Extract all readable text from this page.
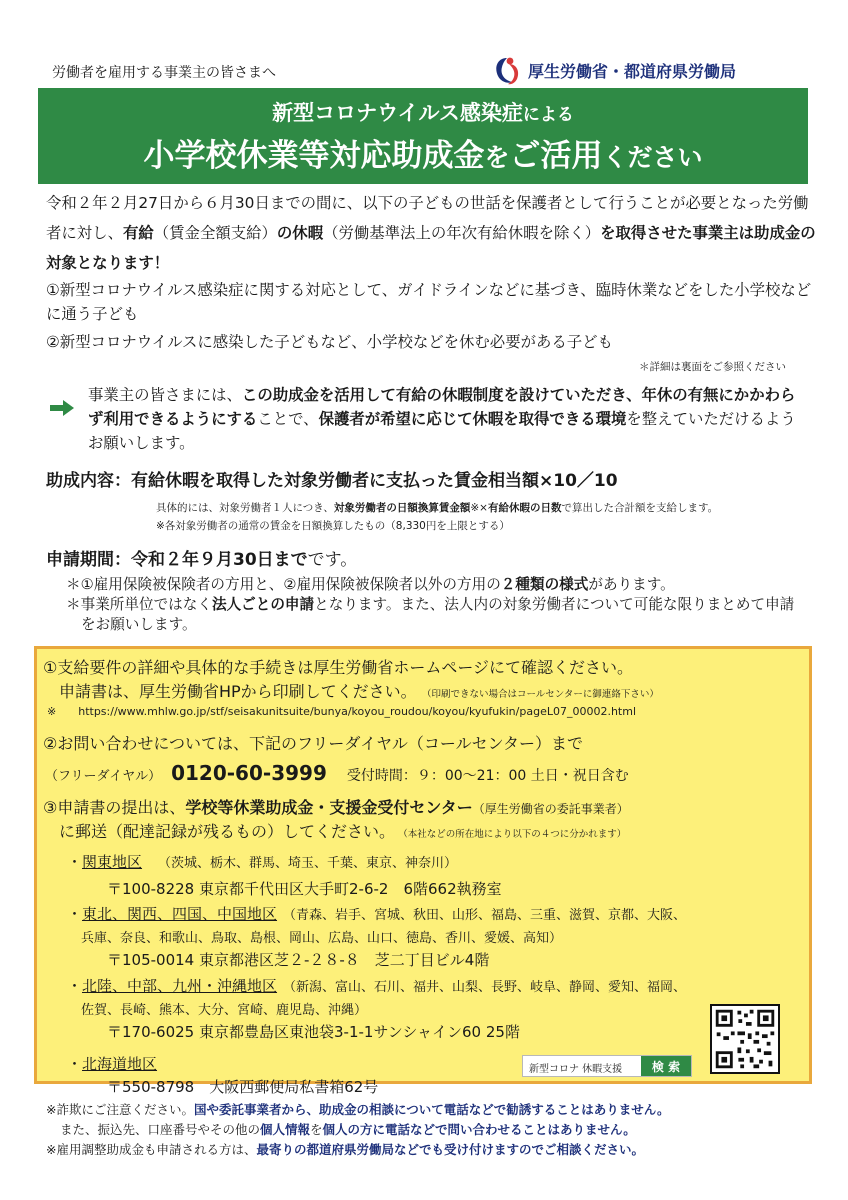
労働者を雇用する事業主の皆さまへ	厚生労働省・都道府県労働局
新型コロナウイルス感染症による
小学校休業等対応助成金をご活用ください
令和２年２月27日から６月30日までの間に、以下の子どもの世話を保護者として行うことが必要となった労働者に対し、有給（賃金全額支給）の休暇（労働基準法上の年次有給休暇を除く）を取得させた事業主は助成金の対象となります！
①新型コロナウイルス感染症に関する対応として、ガイドラインなどに基づき、臨時休業などをした小学校などに通う子ども
②新型コロナウイルスに感染した子どもなど、小学校などを休む必要がある子ども
＊詳細は裏面をご参照ください
事業主の皆さまには、この助成金を活用して有給の休暇制度を設けていただき、年休の有無にかかわらず利用できるようにすることで、保護者が希望に応じて休暇を取得できる環境を整えていただけるようお願いします。
助成内容：有給休暇を取得した対象労働者に支払った賃金相当額×10／10
具体的には、対象労働者１人につき、対象労働者の日額換算賃金額※×有給休暇の日数で算出した合計額を支給します。
※各対象労働者の通常の賃金を日額換算したもの（8,330円を上限とする）
申請期間：令和２年９月30日までです。
＊①雇用保険被保険者の方用と、②雇用保険被保険者以外の方用の２種類の様式があります。
＊事業所単位ではなく法人ごとの申請となります。また、法人内の対象労働者について可能な限りまとめて申請をお願いします。
①支給要件の詳細や具体的な手続きは厚生労働省ホームページにて確認ください。
申請書は、厚生労働省HPから印刷してください。 （印刷できない場合はコールセンターに御連絡下さい）
※ https://www.mhlw.go.jp/stf/seisakunitsuite/bunya/koyou_roudou/koyou/kyufukin/pageL07_00002.html
②お問い合わせについては、下記のフリーダイヤル（コールセンター）まで
（フリーダイヤル） 0120-60-3999 受付時間：９：00～21：00 土日・祝日含む
③申請書の提出は、学校等休業助成金・支援金受付センター（厚生労働省の委託事業者）
に郵送（配達記録が残るもの）してください。 （本社などの所在地により以下の４つに分かれます）
・関東地区 （茨城、栃木、群馬、埼玉、千葉、東京、神奈川）
〒100-8228 東京都千代田区大手町2-6-2　6階662執務室
・東北、関西、四国、中国地区 （青森、岩手、宮城、秋田、山形、福島、三重、滋賀、京都、大阪、
兵庫、奈良、和歌山、鳥取、島根、岡山、広島、山口、徳島、香川、愛媛、高知）
〒105-0014 東京都港区芝２-２８-８　芝二丁目ビル4階
・北陸、中部、九州・沖縄地区 （新潟、富山、石川、福井、山梨、長野、岐阜、静岡、愛知、福岡、
佐賀、長崎、熊本、大分、宮崎、鹿児島、沖縄）
〒170-6025 東京都豊島区東池袋3-1-1サンシャイン60 25階
・北海道地区
〒550-8798　大阪西郵便局私書箱62号
新型コロナ 休暇支援	検 索
※詐欺にご注意ください。国や委託事業者から、助成金の相談について電話などで勧誘することはありません。
また、振込先、口座番号やその他の個人情報を個人の方に電話などで問い合わせることはありません。
※雇用調整助成金も申請される方は、最寄りの都道府県労働局などでも受け付けますのでご相談ください。
